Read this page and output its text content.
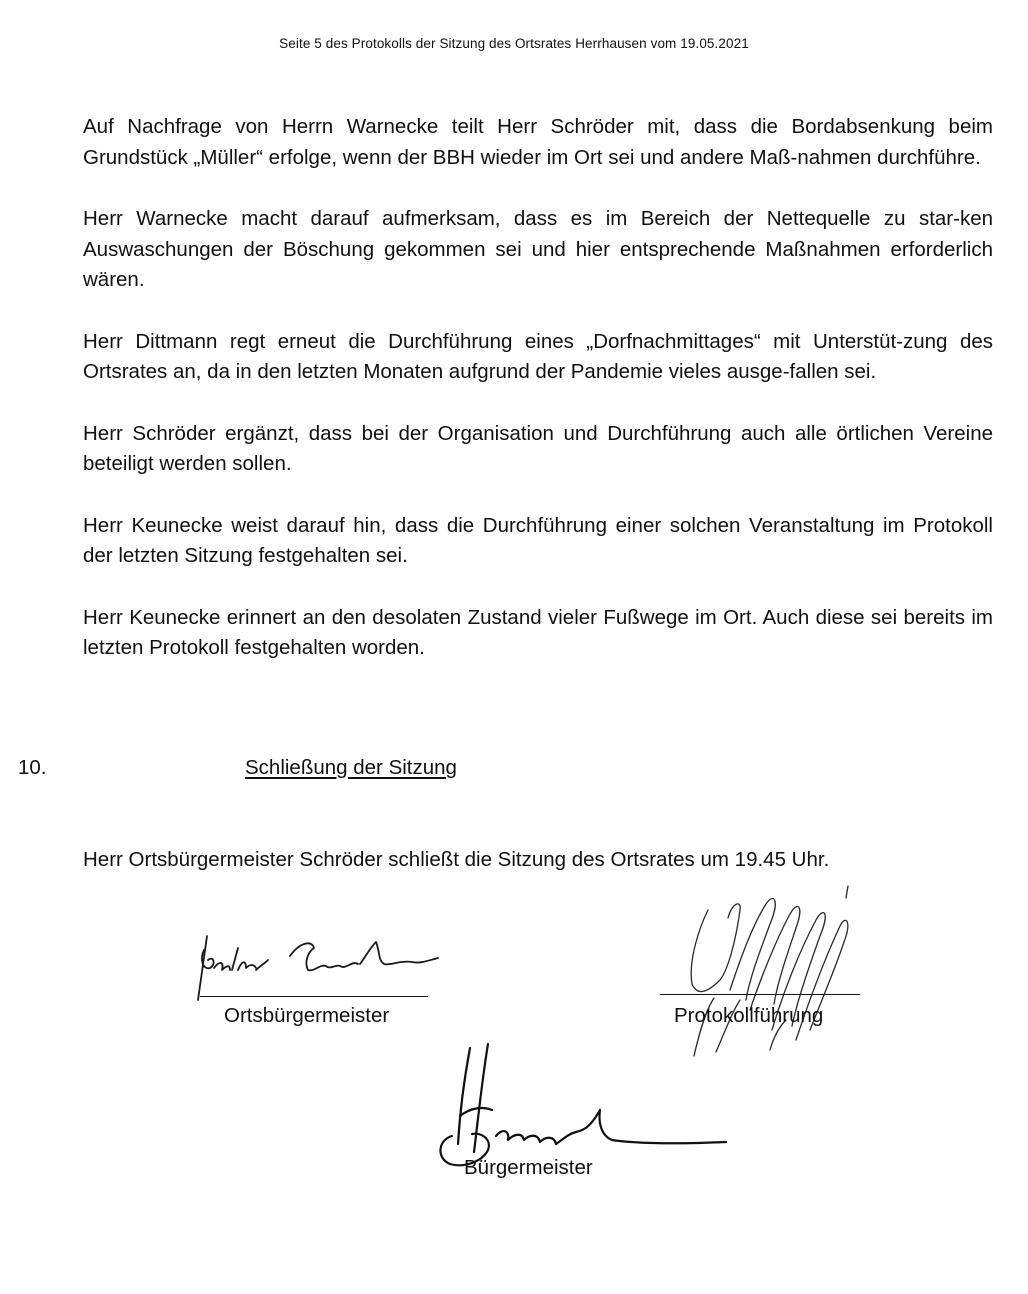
Seite 5 des Protokolls der Sitzung des Ortsrates Herrhausen vom 19.05.2021

Auf Nachfrage von Herrn Warnecke teilt Herr Schröder mit, dass die Bordabsenkung beim Grundstück „Müller“ erfolge, wenn der BBH wieder im Ort sei und andere Maß-nahmen durchführe.

Herr Warnecke macht darauf aufmerksam, dass es im Bereich der Nettequelle zu star-ken Auswaschungen der Böschung gekommen sei und hier entsprechende Maßnahmen erforderlich wären.

Herr Dittmann regt erneut die Durchführung eines „Dorfnachmittages“ mit Unterstüt-zung des Ortsrates an, da in den letzten Monaten aufgrund der Pandemie vieles ausge-fallen sei.

Herr Schröder ergänzt, dass bei der Organisation und Durchführung auch alle örtlichen Vereine beteiligt werden sollen.

Herr Keunecke weist darauf hin, dass die Durchführung einer solchen Veranstaltung im Protokoll der letzten Sitzung festgehalten sei.

Herr Keunecke erinnert an den desolaten Zustand vieler Fußwege im Ort. Auch diese sei bereits im letzten Protokoll festgehalten worden.

10.	Schließung der Sitzung
Herr Ortsbürgermeister Schröder schließt die Sitzung des Ortsrates um 19.45 Uhr.
Ortsbürgermeister	Protokollführung
Bürgermeister
